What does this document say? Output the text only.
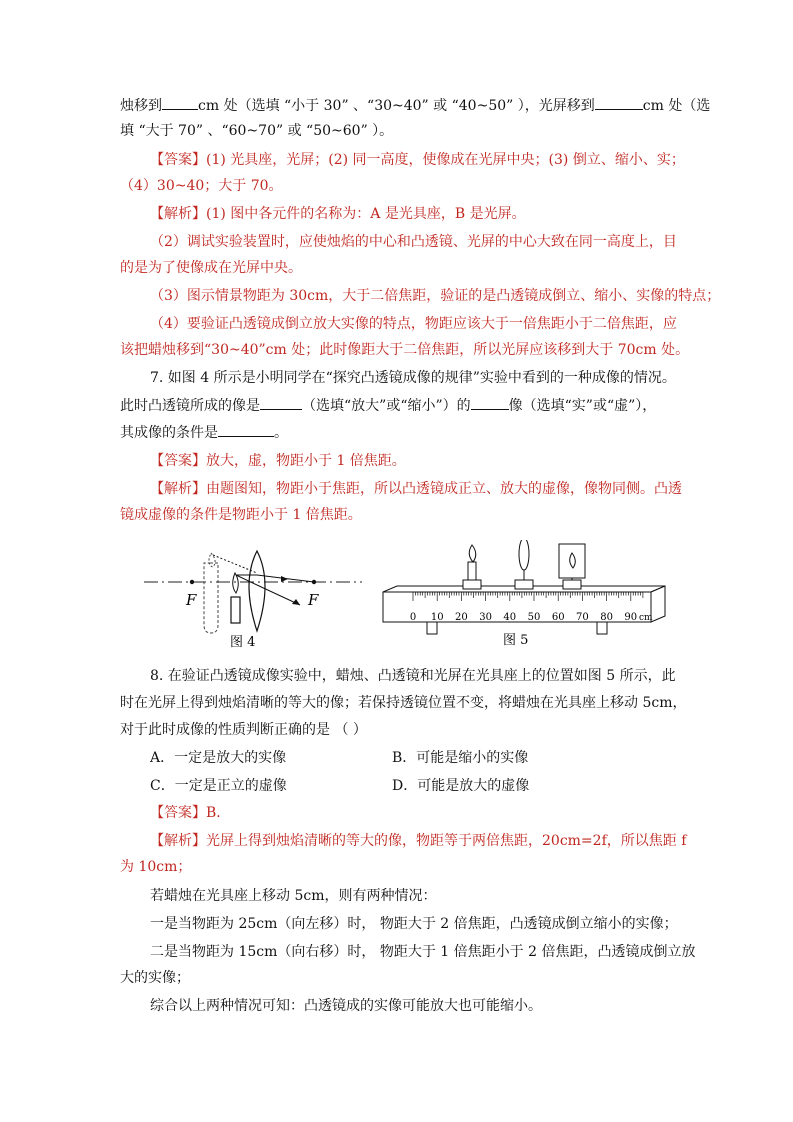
烛移到	cm 处（选填 “小于 30” 、“30~40” 或 “40~50” ），光屏移到	cm 处（选
填 “大于 70” 、“60~70” 或 “50~60” ）。
【答案】(1) 光具座，光屏；(2) 同一高度，使像成在光屏中央；(3) 倒立、缩小、实；
（4）30~40；大于 70。
【解析】(1) 图中各元件的名称为：A 是光具座，B 是光屏。
（2）调试实验装置时，应使烛焰的中心和凸透镜、光屏的中心大致在同一高度上，目
的是为了使像成在光屏中央。
（3）图示情景物距为 30cm，大于二倍焦距，验证的是凸透镜成倒立、缩小、实像的特点；
（4）要验证凸透镜成倒立放大实像的特点，物距应该大于一倍焦距小于二倍焦距，应
该把蜡烛移到“30~40”cm 处；此时像距大于二倍焦距，所以光屏应该移到大于 70cm 处。
7. 如图 4 所示是小明同学在“探究凸透镜成像的规律”实验中看到的一种成像的情况。
此时凸透镜所成的像是	（选填“放大”或“缩小”）的	像（选填“实”或“虚”），
其成像的条件是	。
【答案】放大，虚，物距小于 1 倍焦距。
【解析】由题图知，物距小于焦距，所以凸透镜成正立、放大的虚像，像物同侧。凸透
镜成虚像的条件是物距小于 1 倍焦距。
F	F
图 4
0 10 20 30 40 50 60 70 80 90 cm
图 5
8. 在验证凸透镜成像实验中，蜡烛、凸透镜和光屏在光具座上的位置如图 5 所示，此
时在光屏上得到烛焰清晰的等大的像；若保持透镜位置不变，将蜡烛在光具座上移动 5cm，
对于此时成像的性质判断正确的是 （ ）
A．一定是放大的实像	B．可能是缩小的实像
C．一定是正立的虚像	D．可能是放大的虚像
【答案】B．
【解析】光屏上得到烛焰清晰的等大的像，物距等于两倍焦距，20cm=2f，所以焦距 f
为 10cm；
若蜡烛在光具座上移动 5cm，则有两种情况：
一是当物距为 25cm（向左移）时， 物距大于 2 倍焦距，凸透镜成倒立缩小的实像；
二是当物距为 15cm（向右移）时， 物距大于 1 倍焦距小于 2 倍焦距，凸透镜成倒立放
大的实像；
综合以上两种情况可知：凸透镜成的实像可能放大也可能缩小。
